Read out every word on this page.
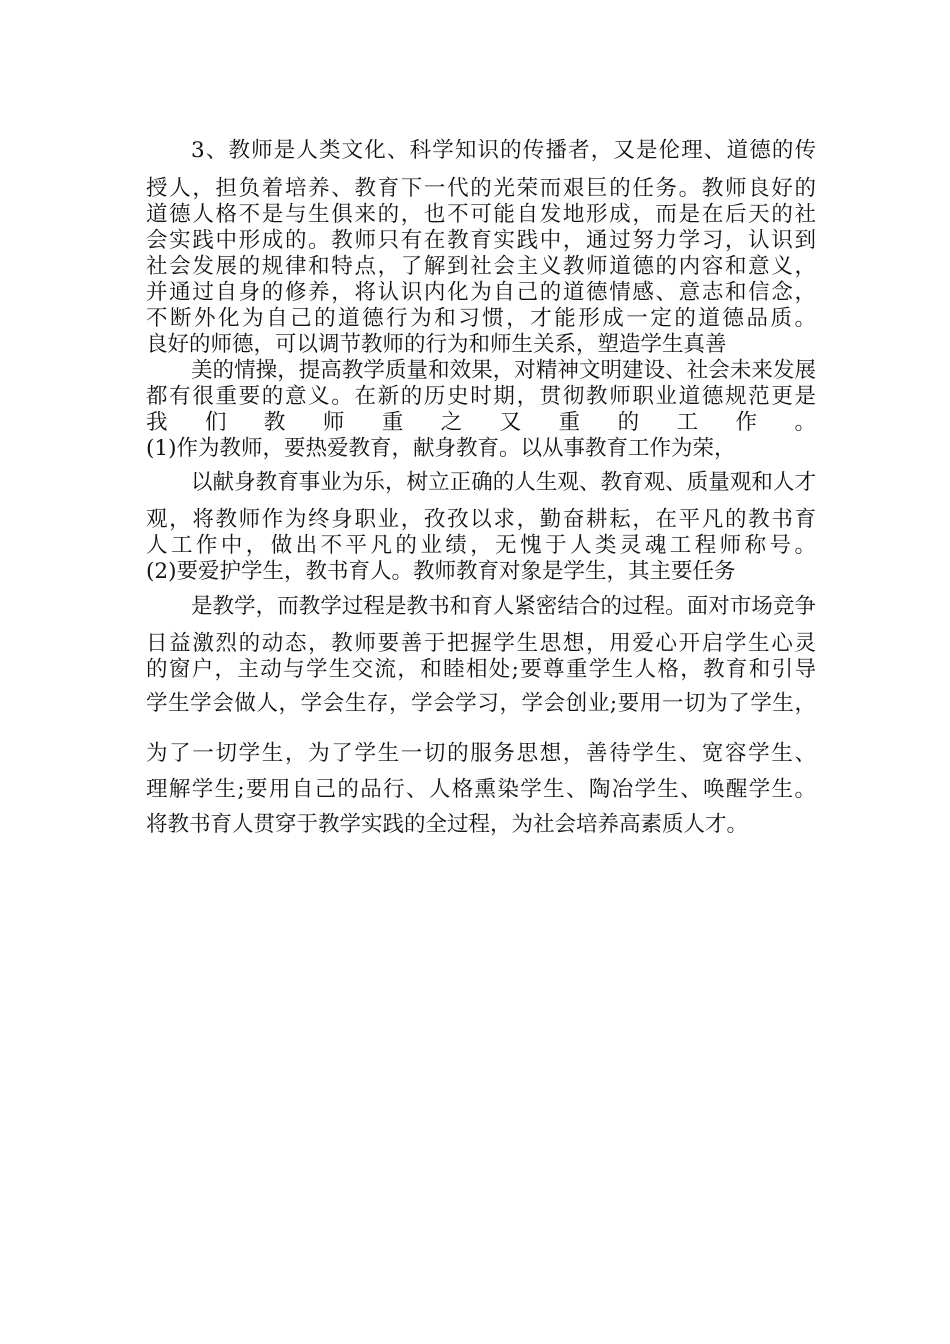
3、教师是人类文化、科学知识的传播者，又是伦理、道德的传

授人，担负着培养、教育下一代的光荣而艰巨的任务。教师良好的

道德人格不是与生俱来的，也不可能自发地形成，而是在后天的社

会实践中形成的。教师只有在教育实践中，通过努力学习，认识到

社会发展的规律和特点，了解到社会主义教师道德的内容和意义，

并通过自身的修养，将认识内化为自己的道德情感、意志和信念，

不断外化为自己的道德行为和习惯，才能形成一定的道德品质。

良好的师德，可以调节教师的行为和师生关系，塑造学生真善

美的情操，提高教学质量和效果，对精神文明建设、社会未来发展

都有很重要的意义。在新的历史时期，贯彻教师职业道德规范更是

我们教师重之又重的工作。

(1)作为教师，要热爱教育，献身教育。以从事教育工作为荣，

以献身教育事业为乐，树立正确的人生观、教育观、质量观和人才

观，将教师作为终身职业，孜孜以求，勤奋耕耘，在平凡的教书育

人工作中，做出不平凡的业绩，无愧于人类灵魂工程师称号。

(2)要爱护学生，教书育人。教师教育对象是学生，其主要任务

是教学，而教学过程是教书和育人紧密结合的过程。面对市场竞争

日益激烈的动态，教师要善于把握学生思想，用爱心开启学生心灵

的窗户，主动与学生交流，和睦相处;要尊重学生人格，教育和引导

学生学会做人，学会生存，学会学习，学会创业;要用一切为了学生，

为了一切学生，为了学生一切的服务思想，善待学生、宽容学生、

理解学生;要用自己的品行、人格熏染学生、陶冶学生、唤醒学生。

将教书育人贯穿于教学实践的全过程，为社会培养高素质人才。
